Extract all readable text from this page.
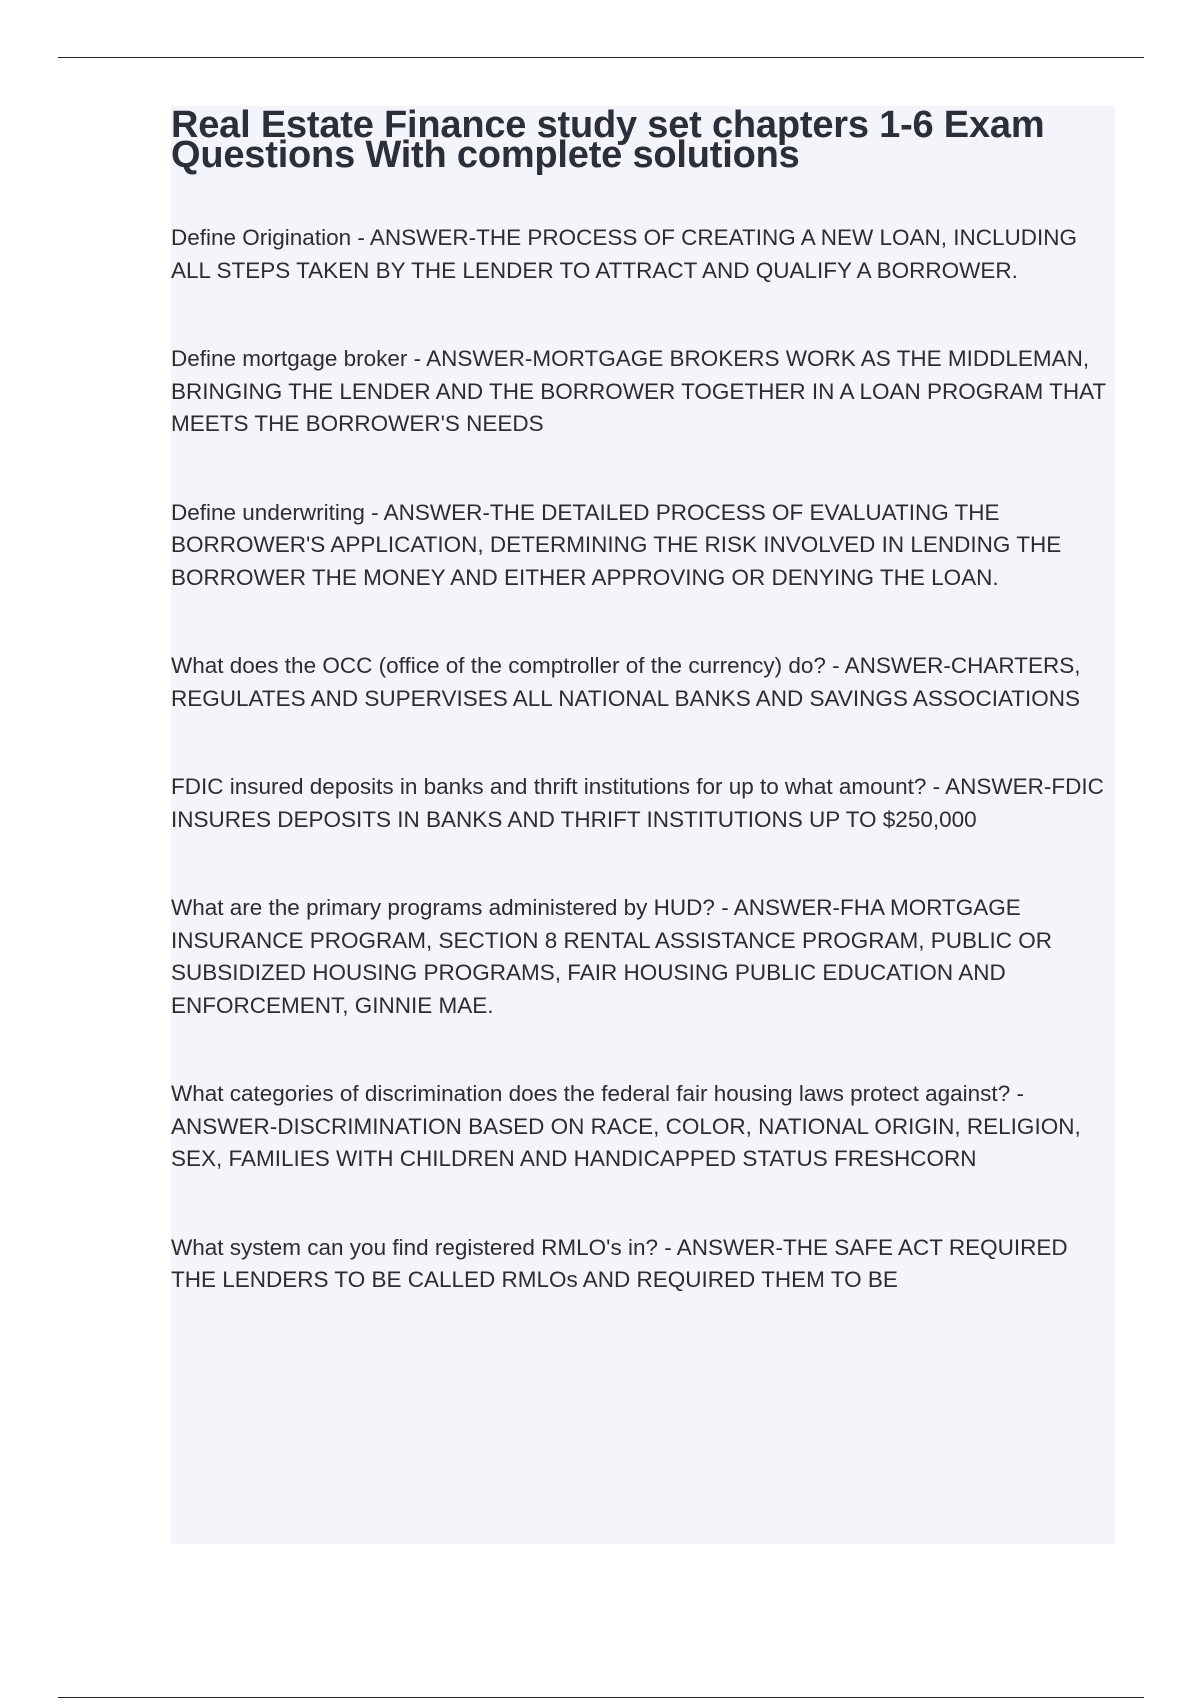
Real Estate Finance study set chapters 1-6 Exam Questions With complete solutions
Define Origination - ANSWER-THE PROCESS OF CREATING A NEW LOAN, INCLUDING ALL STEPS TAKEN BY THE LENDER TO ATTRACT AND QUALIFY A BORROWER.
Define mortgage broker - ANSWER-MORTGAGE BROKERS WORK AS THE MIDDLEMAN, BRINGING THE LENDER AND THE BORROWER TOGETHER IN A LOAN PROGRAM THAT MEETS THE BORROWER'S NEEDS
Define underwriting - ANSWER-THE DETAILED PROCESS OF EVALUATING THE BORROWER'S APPLICATION, DETERMINING THE RISK INVOLVED IN LENDING THE BORROWER THE MONEY AND EITHER APPROVING OR DENYING THE LOAN.
What does the OCC (office of the comptroller of the currency) do? - ANSWER-CHARTERS, REGULATES AND SUPERVISES ALL NATIONAL BANKS AND SAVINGS ASSOCIATIONS
FDIC insured deposits in banks and thrift institutions for up to what amount? - ANSWER-FDIC INSURES DEPOSITS IN BANKS AND THRIFT INSTITUTIONS UP TO $250,000
What are the primary programs administered by HUD? - ANSWER-FHA MORTGAGE INSURANCE PROGRAM, SECTION 8 RENTAL ASSISTANCE PROGRAM, PUBLIC OR SUBSIDIZED HOUSING PROGRAMS, FAIR HOUSING PUBLIC EDUCATION AND ENFORCEMENT, GINNIE MAE.
What categories of discrimination does the federal fair housing laws protect against? - ANSWER-DISCRIMINATION BASED ON RACE, COLOR, NATIONAL ORIGIN, RELIGION, SEX, FAMILIES WITH CHILDREN AND HANDICAPPED STATUS FRESHCORN
What system can you find registered RMLO's in? - ANSWER-THE SAFE ACT REQUIRED THE LENDERS TO BE CALLED RMLOs AND REQUIRED THEM TO BE
